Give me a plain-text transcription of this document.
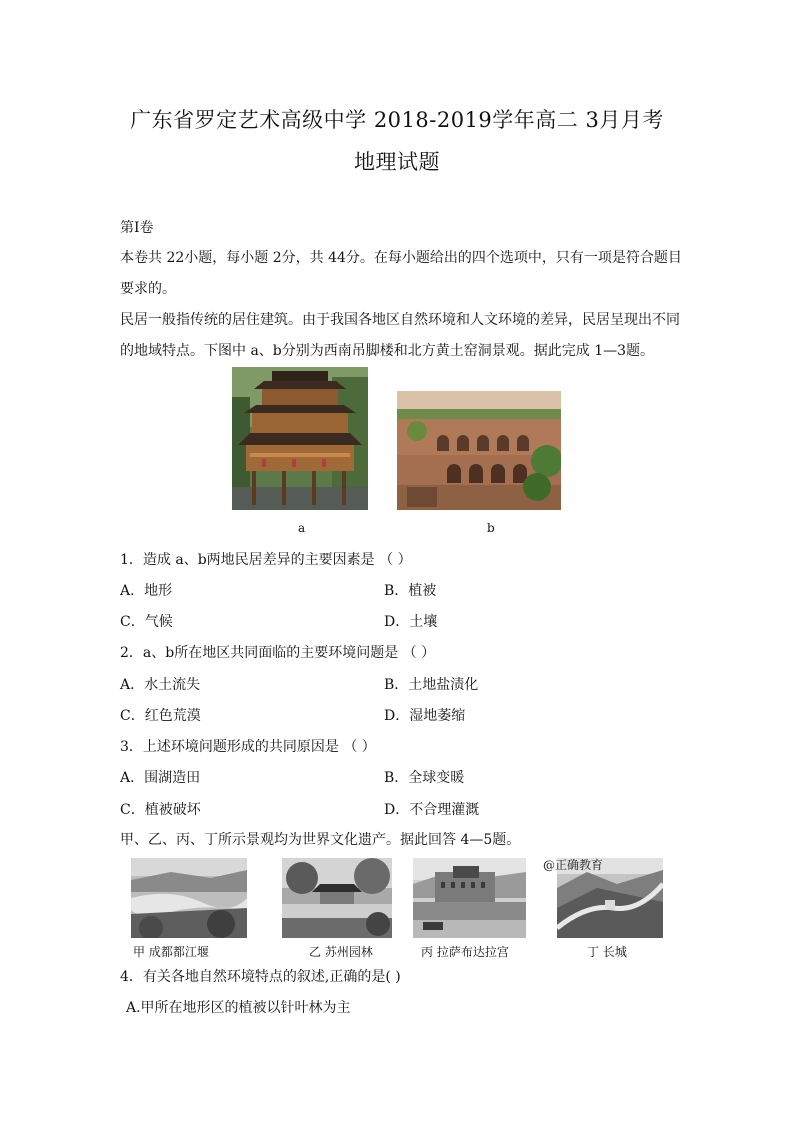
广东省罗定艺术高级中学 2018-2019学年高二 3月月考
地理试题
第Ⅰ卷
本卷共 22小题，每小题 2分，共 44分。在每小题给出的四个选项中，只有一项是符合题目
要求的。
民居一般指传统的居住建筑。由于我国各地区自然环境和人文环境的差异，民居呈现出不同
的地域特点。下图中 a、b分别为西南吊脚楼和北方黄土窑洞景观。据此完成 1—3题。
a	b
1．造成 a、b两地民居差异的主要因素是 （ ）
A．地形	B．植被
C．气候	D．土壤
2．a、b所在地区共同面临的主要环境问题是 （ ）
A．水土流失	B．土地盐渍化
C．红色荒漠	D．湿地萎缩
3．上述环境问题形成的共同原因是 （ ）
A．围湖造田	B．全球变暖
C．植被破坏	D．不合理灌溉
甲、乙、丙、丁所示景观均为世界文化遗产。据此回答 4—5题。
@正确教育
甲 成都都江堰	乙 苏州园林	丙 拉萨布达拉宫	丁 长城
4．有关各地自然环境特点的叙述,正确的是( )
A.甲所在地形区的植被以针叶林为主
